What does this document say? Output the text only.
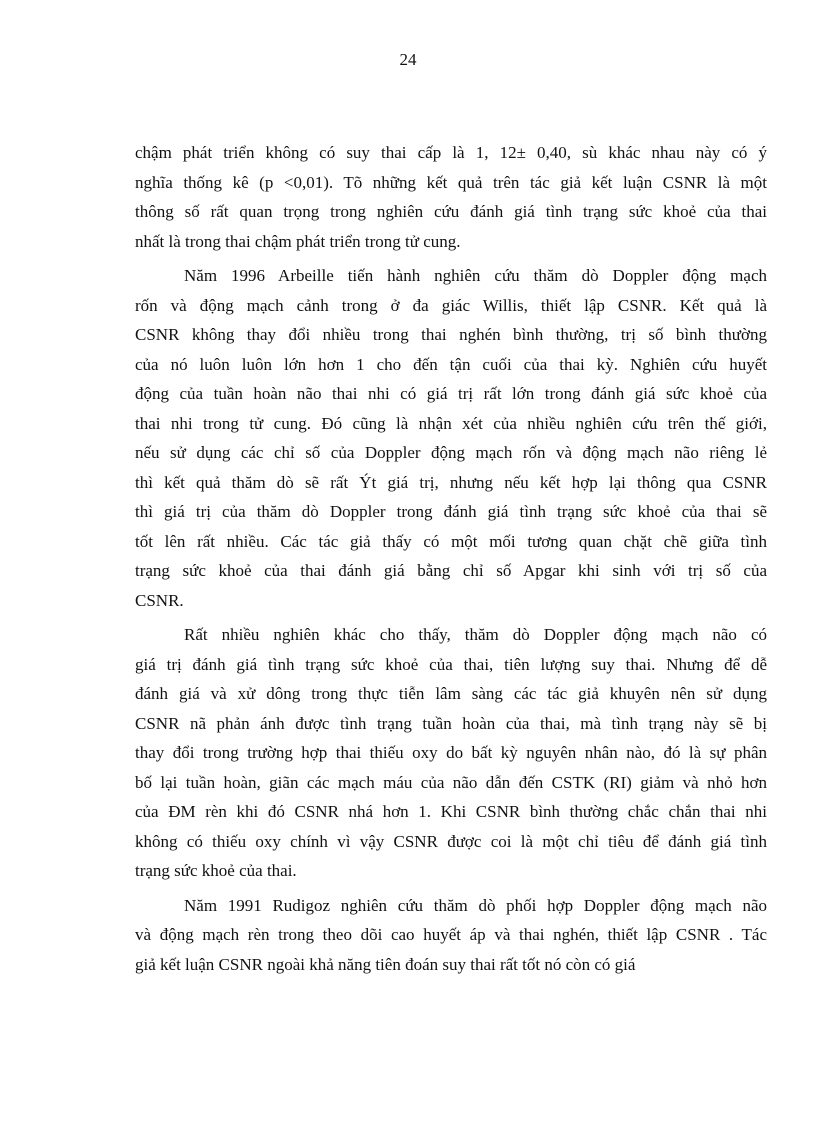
24
chậm phát triển không có suy thai cấp là 1, 12± 0,40, sù khác nhau này có ý
nghĩa thống kê (p <0,01). Tõ những kết quả trên tác giả kết luận CSNR là một
thông số rất quan trọng trong nghiên cứu đánh giá tình trạng sức khoẻ của thai
nhất là trong thai chậm phát triển trong tử cung.
Năm 1996 Arbeille tiến hành nghiên cứu thăm dò Doppler động mạch
rốn và động mạch cảnh trong ở đa giác Willis, thiết lập CSNR. Kết quả là
CSNR không thay đổi nhiều trong thai nghén bình thường, trị số bình thường
của nó luôn luôn lớn hơn 1 cho đến tận cuối của thai kỳ. Nghiên cứu huyết
động của tuần hoàn não thai nhi có giá trị rất lớn trong đánh giá sức khoẻ của
thai nhi trong tử cung. Đó cũng là nhận xét của nhiều nghiên cứu trên thế giới,
nếu sử dụng các chỉ số của Doppler động mạch rốn và động mạch não riêng lẻ
thì kết quả thăm dò sẽ rất Ýt giá trị, nhưng nếu kết hợp lại thông qua CSNR
thì giá trị của thăm dò Doppler trong đánh giá tình trạng sức khoẻ của thai sẽ
tốt lên rất nhiều. Các tác giả thấy có một mối tương quan chặt chẽ giữa tình
trạng sức khoẻ của thai đánh giá bằng chỉ số Apgar khi sinh với trị số của
CSNR.
Rất nhiều nghiên khác cho thấy, thăm dò Doppler động mạch não có
giá trị đánh giá tình trạng sức khoẻ của thai, tiên lượng suy thai. Nhưng để dễ
đánh giá và xử dông trong thực tiễn lâm sàng các tác giả khuyên nên sử dụng
CSNR nã phản ánh được tình trạng tuần hoàn của thai, mà tình trạng này sẽ bị
thay đổi trong trường hợp thai thiếu oxy do bất kỳ nguyên nhân nào, đó là sự phân
bố lại tuần hoàn, giãn các mạch máu của não dẫn đến CSTK (RI) giảm và nhỏ hơn
của ĐM rèn khi đó CSNR nhá hơn 1. Khi CSNR bình thường chắc chắn thai nhi
không có thiếu oxy chính vì vậy CSNR được coi là một chỉ tiêu để đánh giá tình
trạng sức khoẻ của thai.
Năm 1991 Rudigoz nghiên cứu thăm dò phối hợp Doppler động mạch não
và động mạch rèn trong theo dõi cao huyết áp và thai nghén, thiết lập CSNR . Tác
giả kết luận CSNR ngoài khả năng tiên đoán suy thai rất tốt nó còn có giá
